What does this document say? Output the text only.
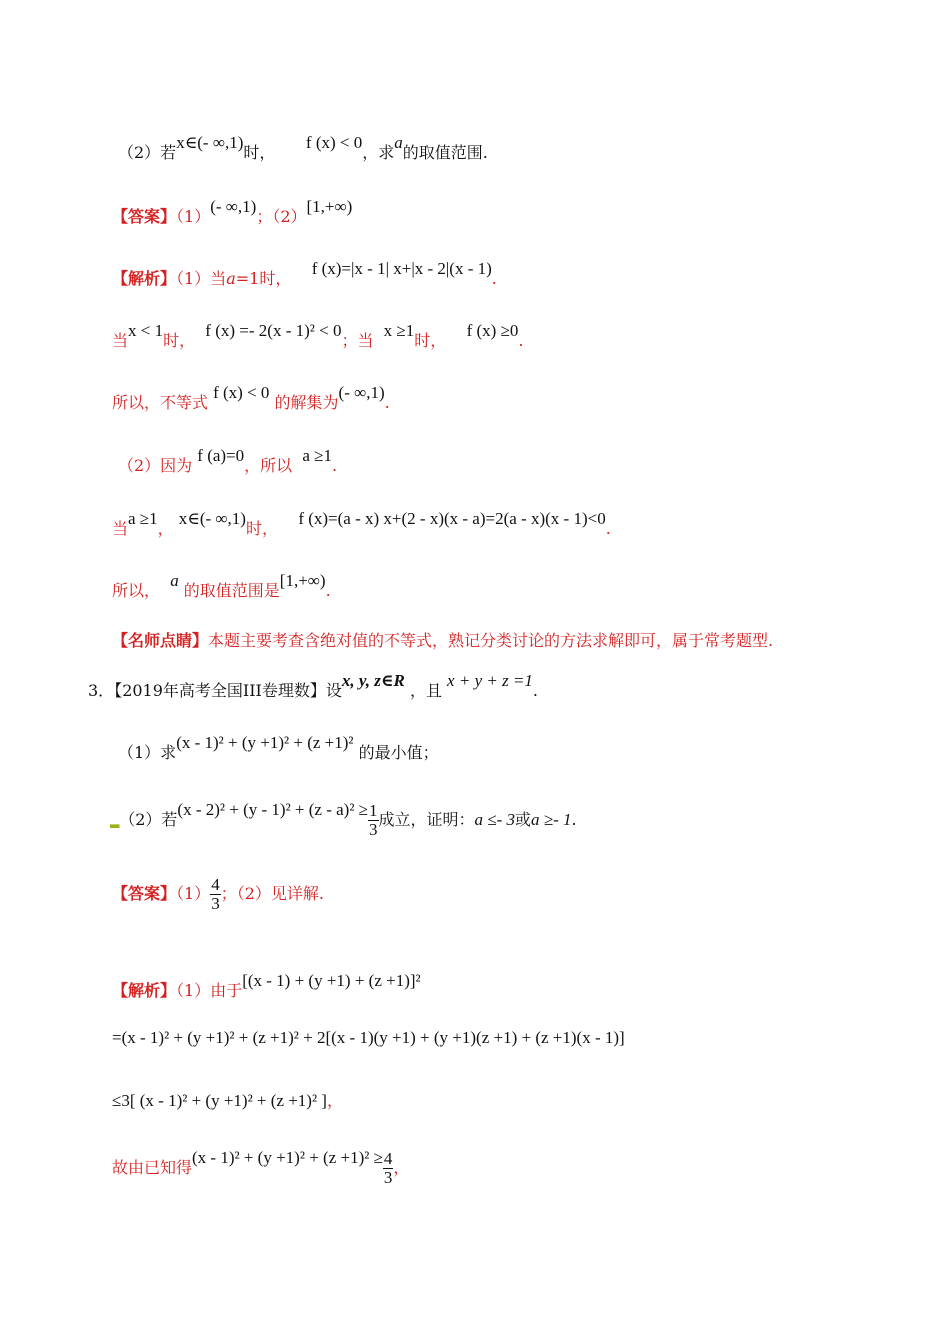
（2）若x∈(- ∞,1)时，      f (x) < 0，求a的取值范围.
【答案】（1）(- ∞,1)；（2）[1,+∞)
【解析】（1）当a=1时，    f (x)=|x - 1| x+|x - 2|(x - 1).
当x < 1时，  f (x) =- 2(x - 1)² < 0；当  x ≥1时，    f (x) ≥0.
所以，不等式 f (x) < 0 的解集为(- ∞,1).
（2）因为 f (a)=0，所以  a ≥1.
当a ≥1， x∈(- ∞,1)时，    f (x)=(a - x) x+(2 - x)(x - a)=2(a - x)(x - 1)<0.
所以，  a 的取值范围是[1,+∞).
【名师点睛】本题主要考查含绝对值的不等式，熟记分类讨论的方法求解即可，属于常考题型.
3．【2019年高考全国III卷理数】设x, y, z∈R ，且 x + y + z =1.
（1）求(x - 1)² + (y +1)² + (z +1)² 的最小值；
▂（2）若$(x - 2)^2 + (y - 1)^2 + (z - a)^2 \ge \frac{1}{3}$ 成立，证明：a ≤- 3或a ≥- 1.
【答案】$(1) \frac{4}{3}$ ；（2）见详解.
【解析】（1）由于[(x - 1) + (y +1) + (z +1)]²
=(x - 1)² + (y +1)² + (z +1)² + 2[(x - 1)(y +1) + (y +1)(z +1) + (z +1)(x - 1)]
≤3[ (x - 1)² + (y +1)² + (z +1)² ]，
故由已知得$(x - 1)^2 + (y +1)^2 + (z +1)^2 \ge \frac{4}{3}$ ，
